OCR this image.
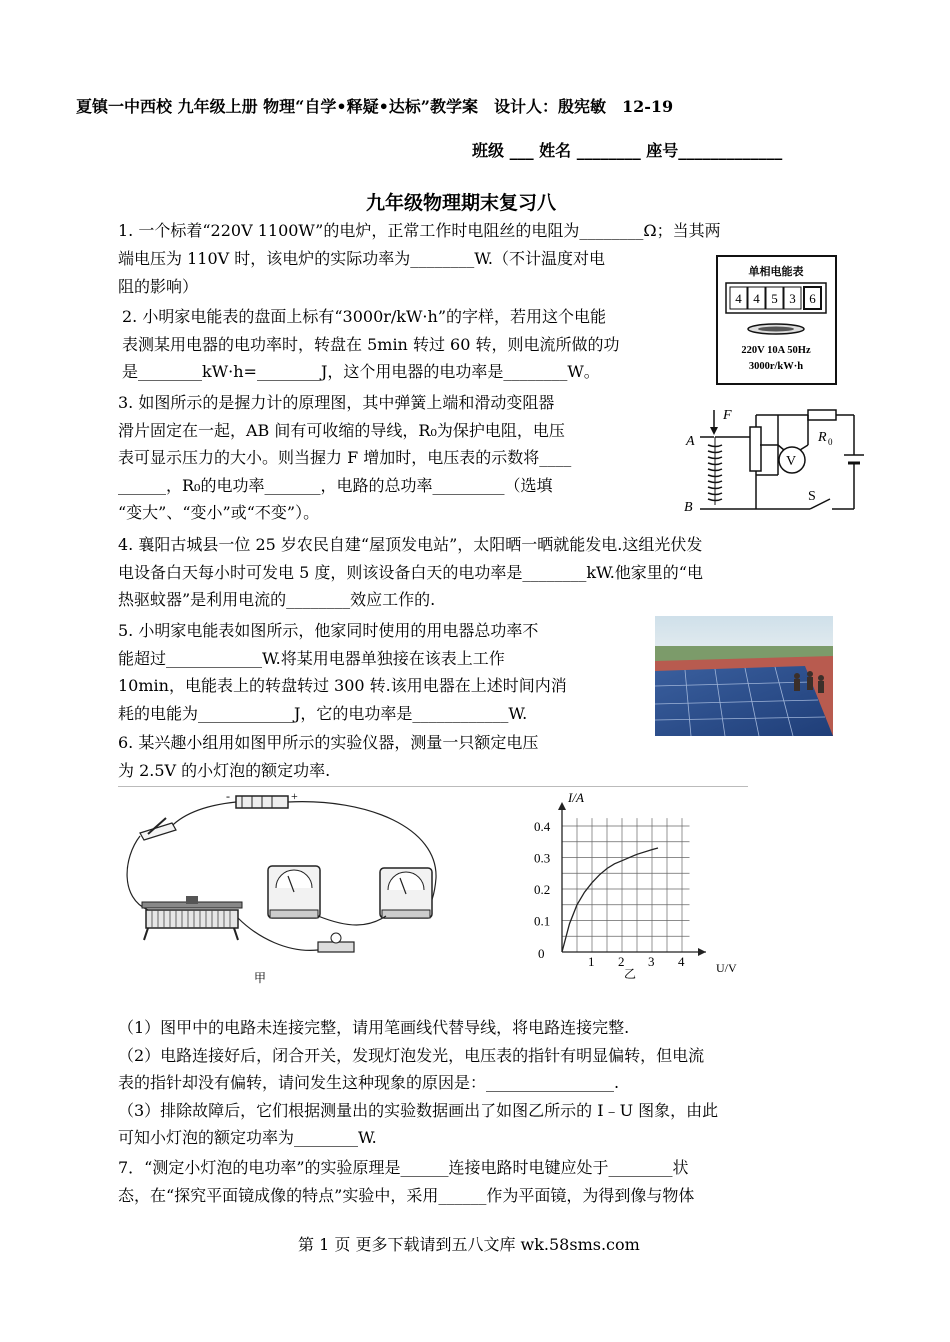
夏镇一中西校 九年级上册 物理“自学•释疑•达标”教学案　设计人：殷宪敏　12-19
班级 ___ 姓名 ________ 座号_____________
九年级物理期末复习八
1. 一个标着“220V 1100W”的电炉，正常工作时电阻丝的电阻为________Ω；当其两
端电压为 110V 时，该电炉的实际功率为________W.（不计温度对电
阻的影响）
2. 小明家电能表的盘面上标有“3000r/kW·h”的字样，若用这个电能
表测某用电器的电功率时，转盘在 5min 转过 60 转，则电流所做的功
是________kW·h=________J，这个用电器的电功率是________W。
单相电能表
4 4 5 3 6
220V 10A 50Hz
3000r/kW·h
3. 如图所示的是握力计的原理图，其中弹簧上端和滑动变阻器
滑片固定在一起，AB 间有可收缩的导线，R₀为保护电阻，电压
表可显示压力的大小。则当握力 F 增加时，电压表的示数将____
______，R₀的电功率_______，电路的总功率_________（选填
“变大”、“变小”或“不变”）。
F
A
B
R 0
V
S
4. 襄阳古城县一位 25 岁农民自建“屋顶发电站”，太阳晒一晒就能发电.这组光伏发
电设备白天每小时可发电 5 度，则该设备白天的电功率是________kW.他家里的“电
热驱蚊器”是利用电流的________效应工作的.
5. 小明家电能表如图所示，他家同时使用的用电器总功率不
能超过____________W.将某用电器单独接在该表上工作
10min，电能表上的转盘转过 300 转.该用电器在上述时间内消
耗的电能为____________J，它的电功率是____________W.
6. 某兴趣小组用如图甲所示的实验仪器，测量一只额定电压
为 2.5V 的小灯泡的额定功率.
-	+
甲
I/A
U/V
乙
0
1 2 3 4
0.1
0.2
0.3
0.4
（1）图甲中的电路未连接完整，请用笔画线代替导线，将电路连接完整.
（2）电路连接好后，闭合开关，发现灯泡发光，电压表的指针有明显偏转，但电流
表的指针却没有偏转，请问发生这种现象的原因是：________________.
（3）排除故障后，它们根据测量出的实验数据画出了如图乙所示的 I﹣U 图象，由此
可知小灯泡的额定功率为________W.
7．“测定小灯泡的电功率”的实验原理是______连接电路时电键应处于________状
态，在“探究平面镜成像的特点”实验中，采用______作为平面镜，为得到像与物体
第 1 页 更多下载请到五八文库 wk.58sms.com
